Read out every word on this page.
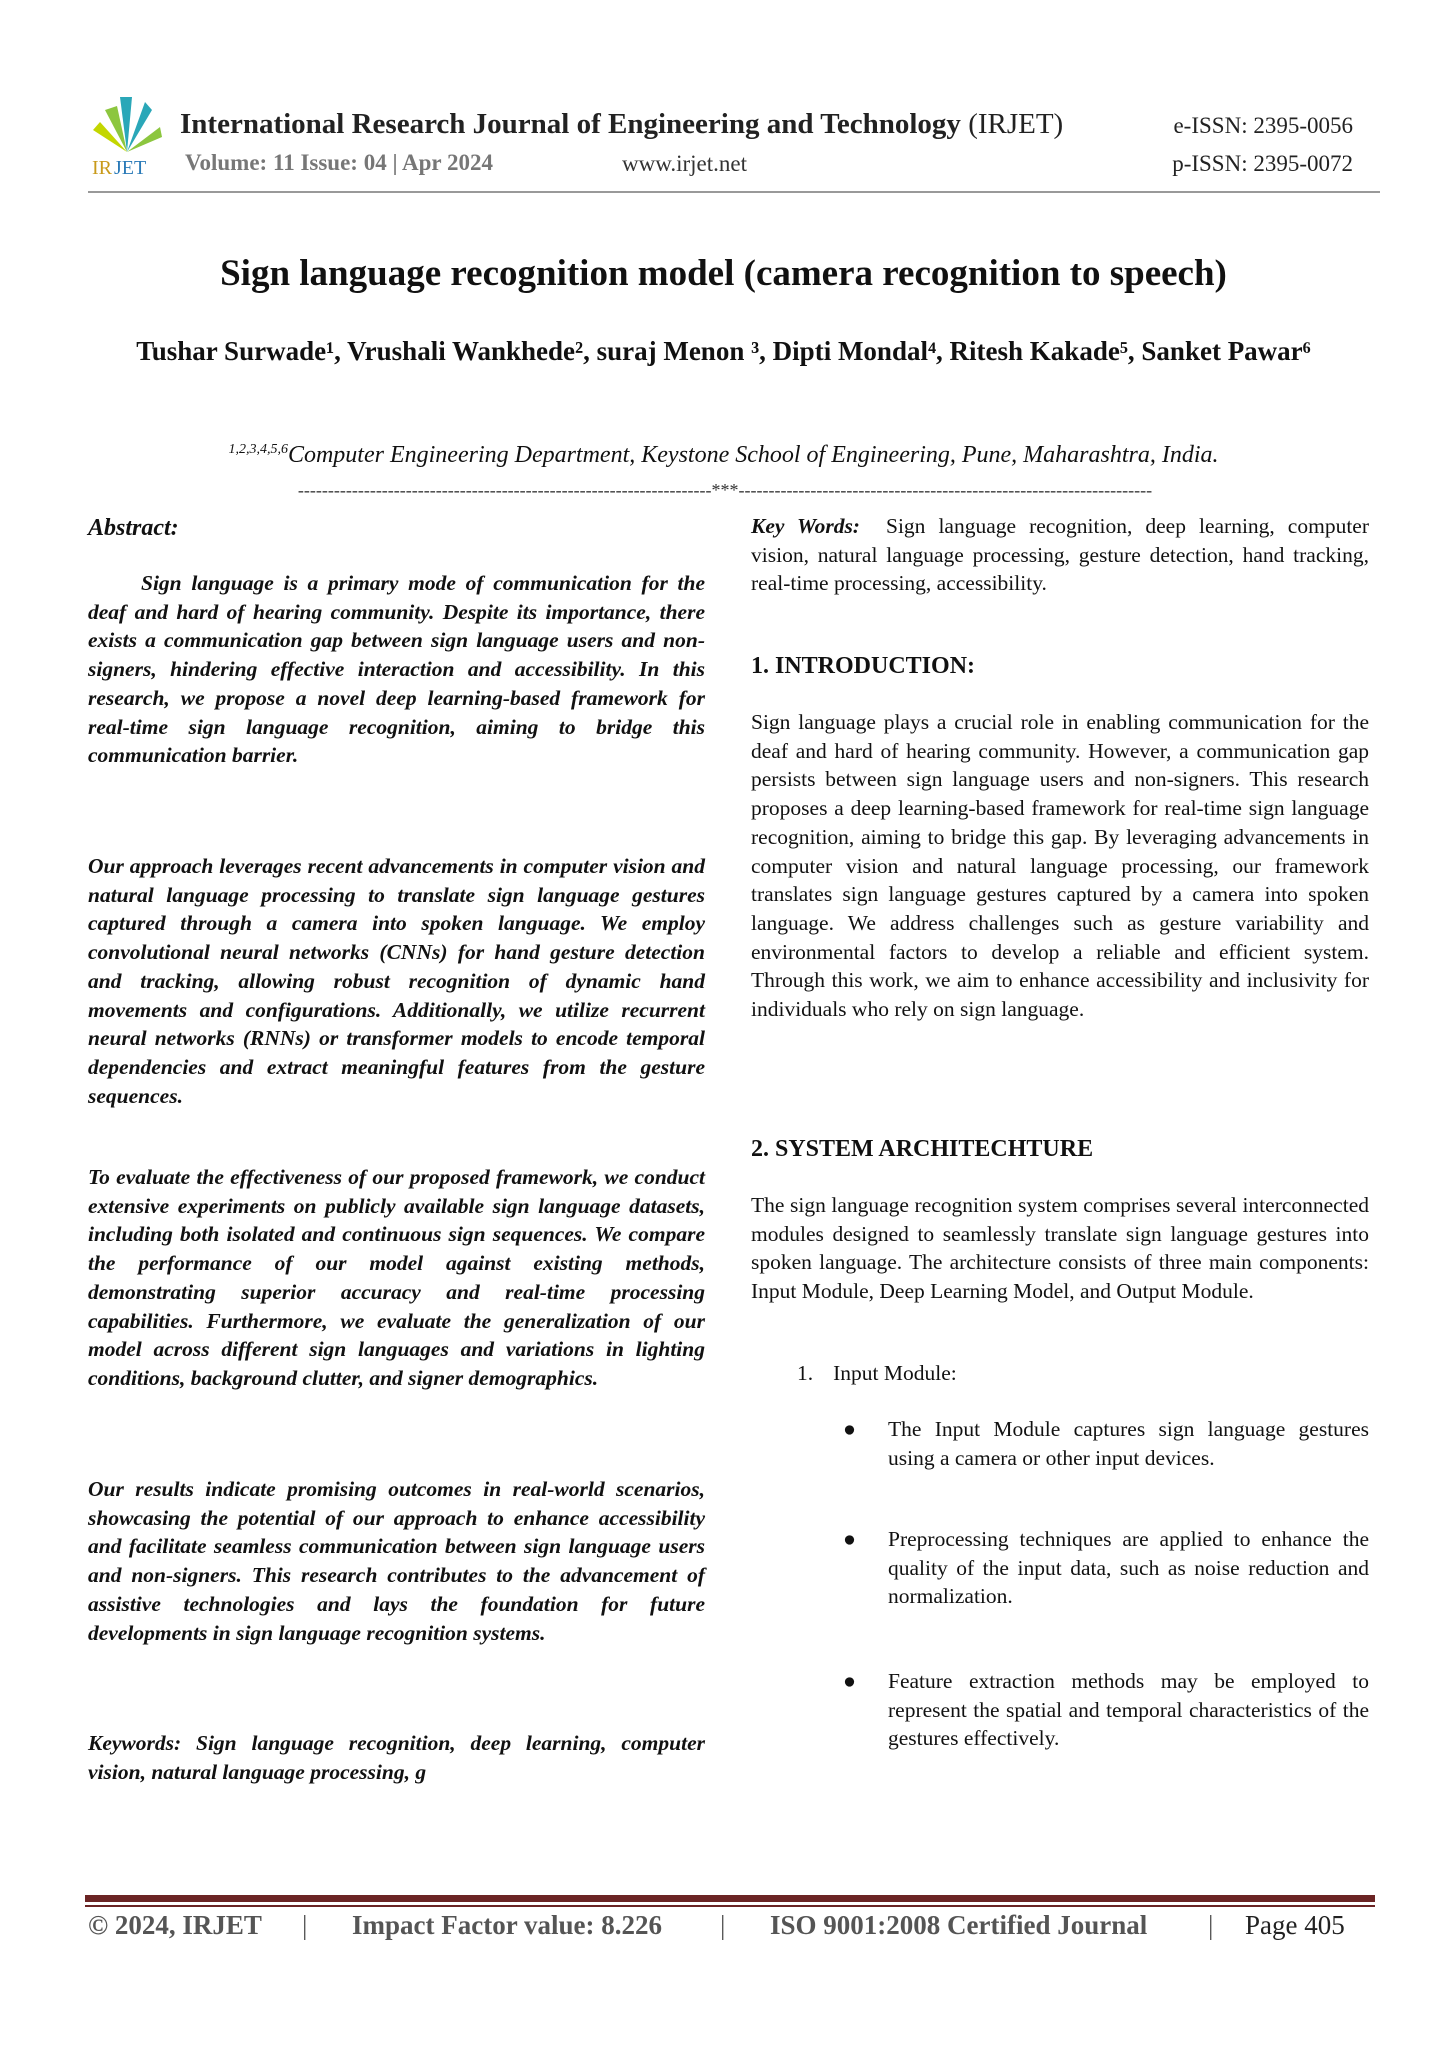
IR JET
International Research Journal of Engineering and Technology (IRJET)
Volume: 11 Issue: 04 | Apr 2024	www.irjet.net
e-ISSN: 2395-0056
p-ISSN: 2395-0072
Sign language recognition model (camera recognition to speech)
Tushar Surwade¹, Vrushali Wankhede², suraj Menon ³, Dipti Mondal⁴, Ritesh Kakade⁵, Sanket Pawar⁶
$^{1,2,3,4,5,6}$Computer Engineering Department, Keystone School of Engineering, Pune, Maharashtra, India.
---------------------------------------------------------------------***---------------------------------------------------------------------
Abstract:
Sign language is a primary mode of communication for the deaf and hard of hearing community. Despite its importance, there exists a communication gap between sign language users and non-signers, hindering effective interaction and accessibility. In this research, we propose a novel deep learning-based framework for real-time sign language recognition, aiming to bridge this communication barrier.
Our approach leverages recent advancements in computer vision and natural language processing to translate sign language gestures captured through a camera into spoken language. We employ convolutional neural networks (CNNs) for hand gesture detection and tracking, allowing robust recognition of dynamic hand movements and configurations. Additionally, we utilize recurrent neural networks (RNNs) or transformer models to encode temporal dependencies and extract meaningful features from the gesture sequences.
To evaluate the effectiveness of our proposed framework, we conduct extensive experiments on publicly available sign language datasets, including both isolated and continuous sign sequences. We compare the performance of our model against existing methods, demonstrating superior accuracy and real-time processing capabilities. Furthermore, we evaluate the generalization of our model across different sign languages and variations in lighting conditions, background clutter, and signer demographics.
Our results indicate promising outcomes in real-world scenarios, showcasing the potential of our approach to enhance accessibility and facilitate seamless communication between sign language users and non-signers. This research contributes to the advancement of assistive technologies and lays the foundation for future developments in sign language recognition systems.
Keywords: Sign language recognition, deep learning, computer vision, natural language processing, g
Key Words: Sign language recognition, deep learning, computer vision, natural language processing, gesture detection, hand tracking, real-time processing, accessibility.
1. INTRODUCTION:
Sign language plays a crucial role in enabling communication for the deaf and hard of hearing community. However, a communication gap persists between sign language users and non-signers. This research proposes a deep learning-based framework for real-time sign language recognition, aiming to bridge this gap. By leveraging advancements in computer vision and natural language processing, our framework translates sign language gestures captured by a camera into spoken language. We address challenges such as gesture variability and environmental factors to develop a reliable and efficient system. Through this work, we aim to enhance accessibility and inclusivity for individuals who rely on sign language.
2. SYSTEM ARCHITECHTURE
The sign language recognition system comprises several interconnected modules designed to seamlessly translate sign language gestures into spoken language. The architecture consists of three main components: Input Module, Deep Learning Model, and Output Module.
1. Input Module:
● The Input Module captures sign language gestures using a camera or other input devices.
● Preprocessing techniques are applied to enhance the quality of the input data, such as noise reduction and normalization.
● Feature extraction methods may be employed to represent the spatial and temporal characteristics of the gestures effectively.
© 2024, IRJET | Impact Factor value: 8.226 | ISO 9001:2008 Certified Journal | Page 405
